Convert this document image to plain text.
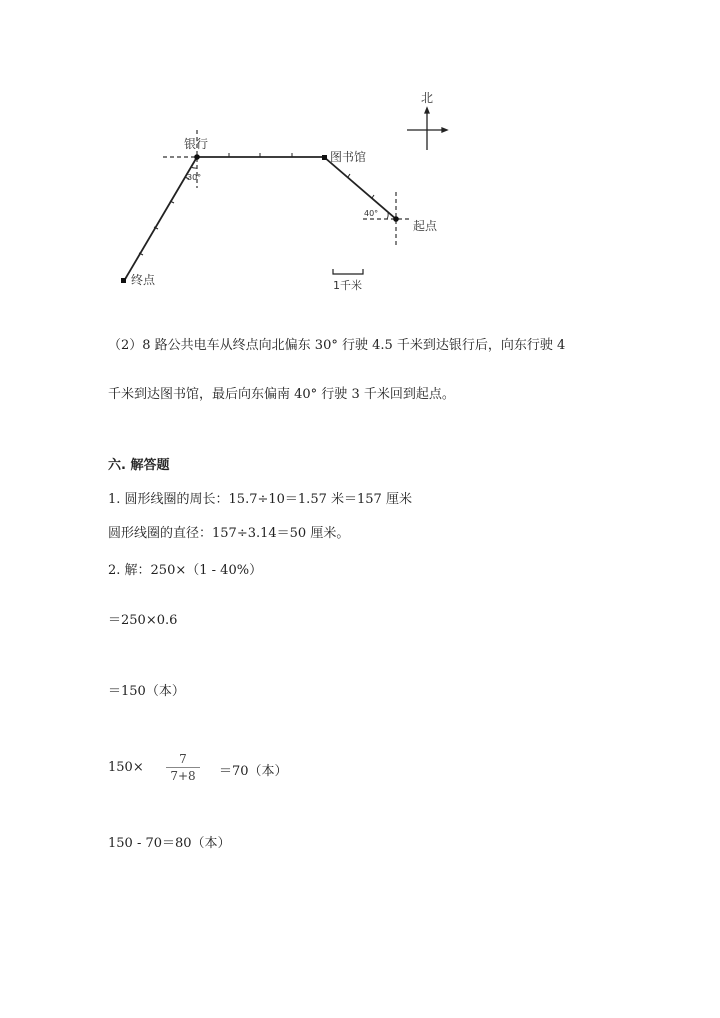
银行
图书馆
起点
终点
30°
40°
北
1千米
（2）8 路公共电车从终点向北偏东 30° 行驶 4.5 千米到达银行后，向东行驶 4
千米到达图书馆，最后向东偏南 40° 行驶 3 千米回到起点。
六. 解答题
1. 圆形线圈的周长：15.7÷10＝1.57 米＝157 厘米
圆形线圈的直径：157÷3.14＝50 厘米。
2. 解：250×（1 - 40%）
＝250×0.6
＝150（本）
$150\times \frac{7}{7+8} =70$（本）
150 - 70＝80（本）
